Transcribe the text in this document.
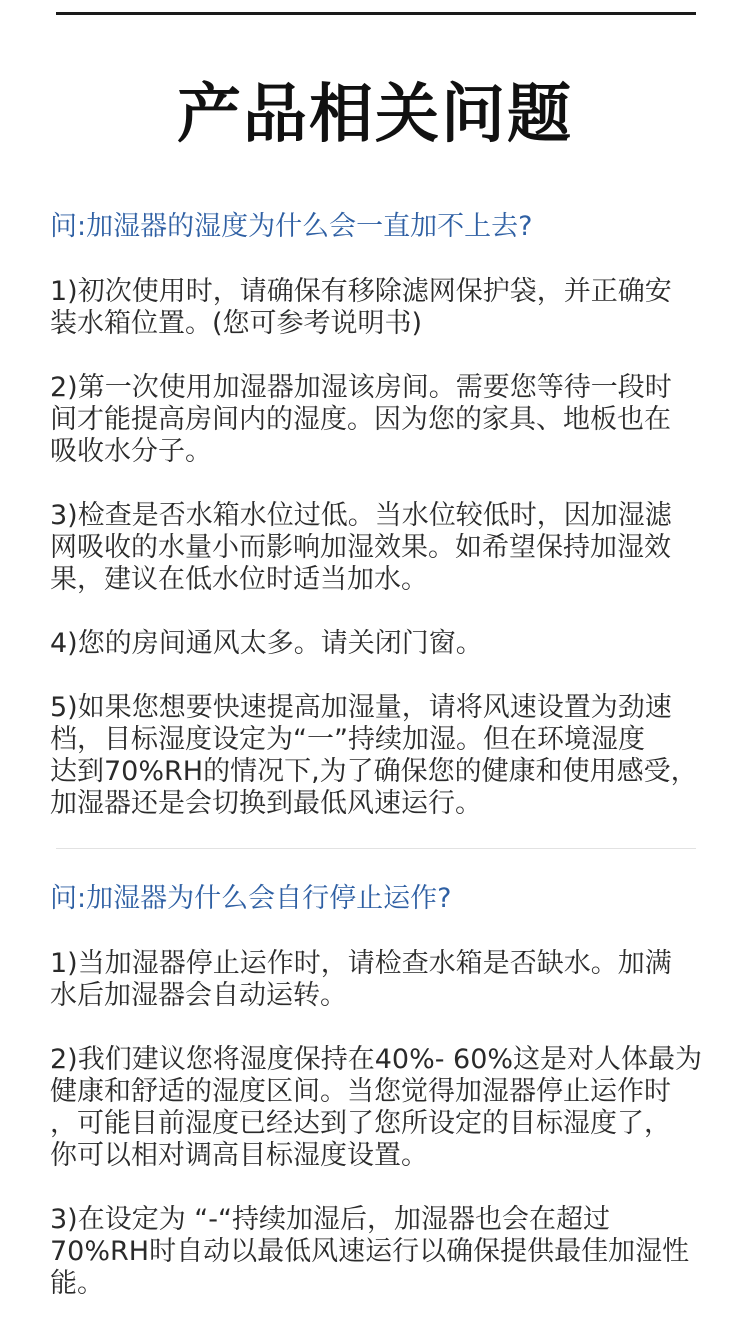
产品相关问题

问:加湿器的湿度为什么会一直加不上去?

1)初次使用时，请确保有移除滤网保护袋，并正确安
装水箱位置。(您可参考说明书)

2)第一次使用加湿器加湿该房间。需要您等待一段时
间才能提高房间内的湿度。因为您的家具、地板也在
吸收水分子。

3)检查是否水箱水位过低。当水位较低时，因加湿滤
网吸收的水量小而影响加湿效果。如希望保持加湿效
果，建议在低水位时适当加水。

4)您的房间通风太多。请关闭门窗。

5)如果您想要快速提高加湿量，请将风速设置为劲速
档，目标湿度设定为“一”持续加湿。但在环境湿度
达到70%RH的情况下,为了确保您的健康和使用感受，
加湿器还是会切换到最低风速运行。

问:加湿器为什么会自行停止运作?

1)当加湿器停止运作时，请检查水箱是否缺水。加满
水后加湿器会自动运转。

2)我们建议您将湿度保持在40%- 60%这是对人体最为
健康和舒适的湿度区间。当您觉得加湿器停止运作时
，可能目前湿度已经达到了您所设定的目标湿度了，
你可以相对调高目标湿度设置。

3)在设定为 “-“持续加湿后，加湿器也会在超过
70%RH时自动以最低风速运行以确保提供最佳加湿性
能。
